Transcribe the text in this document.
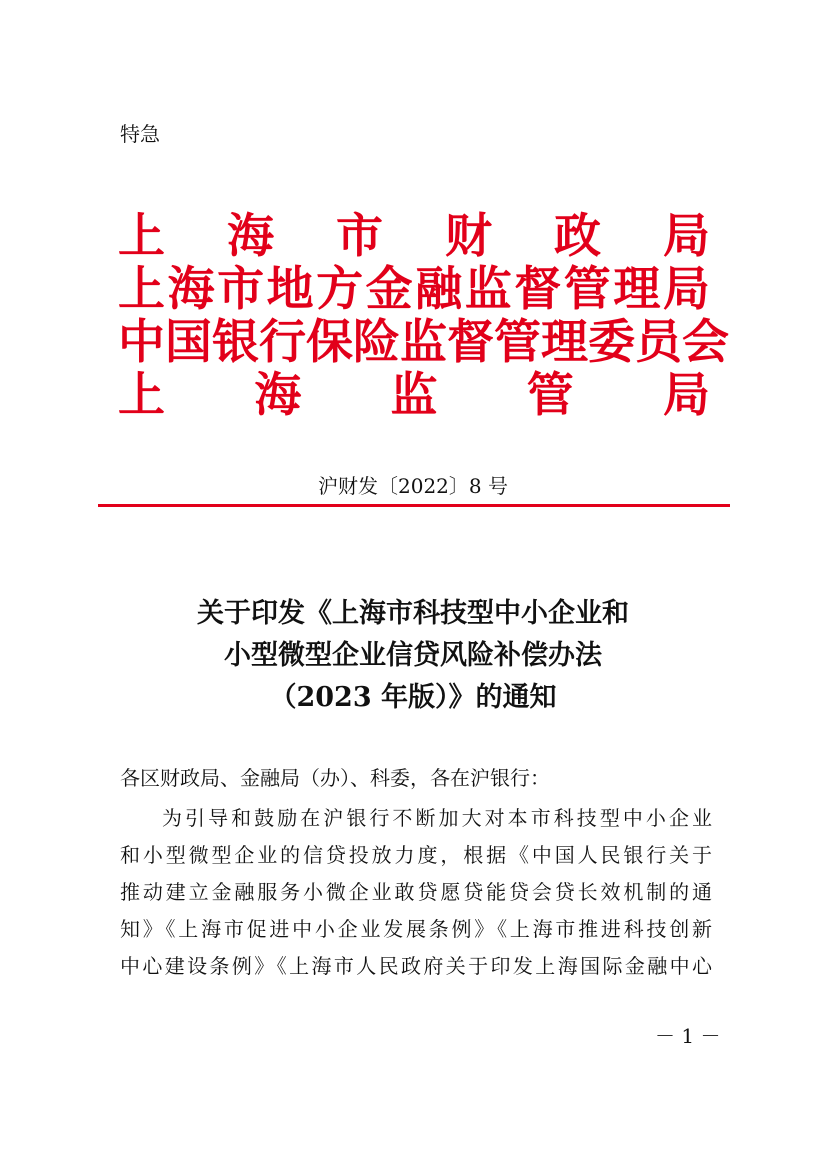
特急
上 海 市 财 政 局
上 海 市 地 方 金 融 监 督 管 理 局
中 国 银 行 保 险 监 督 管 理 委 员 会
上 海 监 管 局
沪财发〔2022〕8 号
关于印发《上海市科技型中小企业和
小型微型企业信贷风险补偿办法
（2023 年版）》的通知
各区财政局、金融局（办）、科委，各在沪银行：
为引导和鼓励在沪银行不断加大对本市科技型中小企业
和小型微型企业的信贷投放力度，根据《中国人民银行关于
推动建立金融服务小微企业敢贷愿贷能贷会贷长效机制的通
知》《上海市促进中小企业发展条例》《上海市推进科技创新
中心建设条例》《上海市人民政府关于印发上海国际金融中心
－ 1 －
